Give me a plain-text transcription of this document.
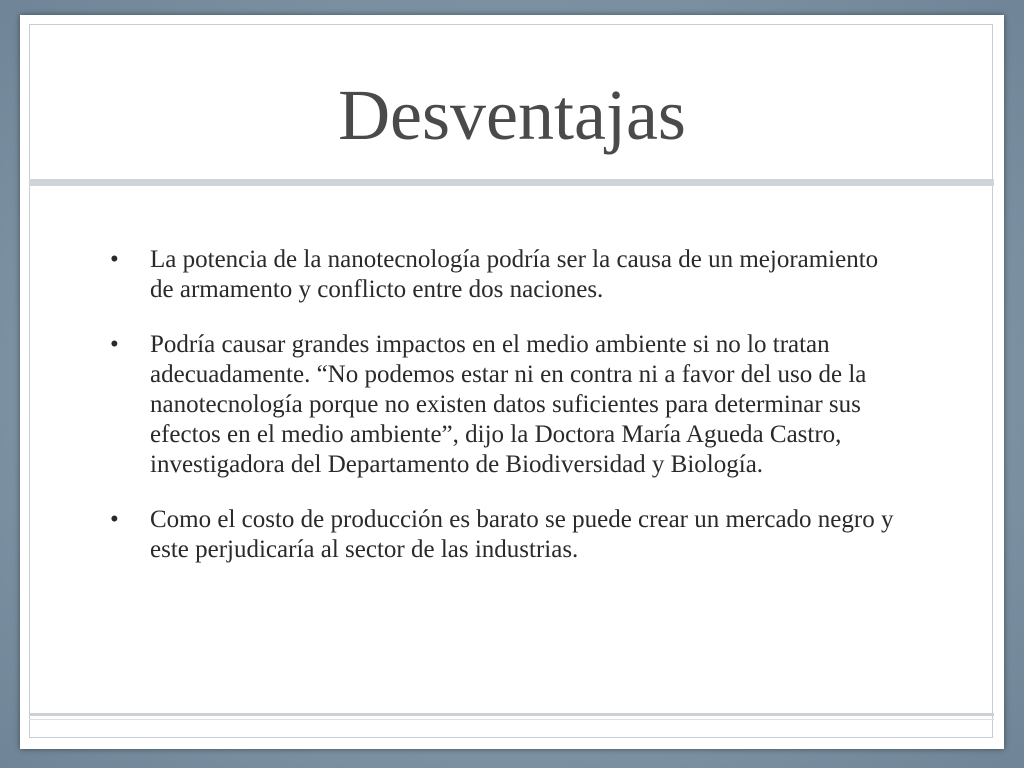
Desventajas
• La potencia de la nanotecnología podría ser la causa de un mejoramiento de armamento y conflicto entre dos naciones.
• Podría causar grandes impactos en el medio ambiente si no lo tratan adecuadamente. “No podemos estar ni en contra ni a favor del uso de la nanotecnología porque no existen datos suficientes para determinar sus efectos en el medio ambiente”, dijo la Doctora María Agueda Castro, investigadora del Departamento de Biodiversidad y Biología.
• Como el costo de producción es barato se puede crear un mercado negro y este perjudicaría al sector de las industrias.
